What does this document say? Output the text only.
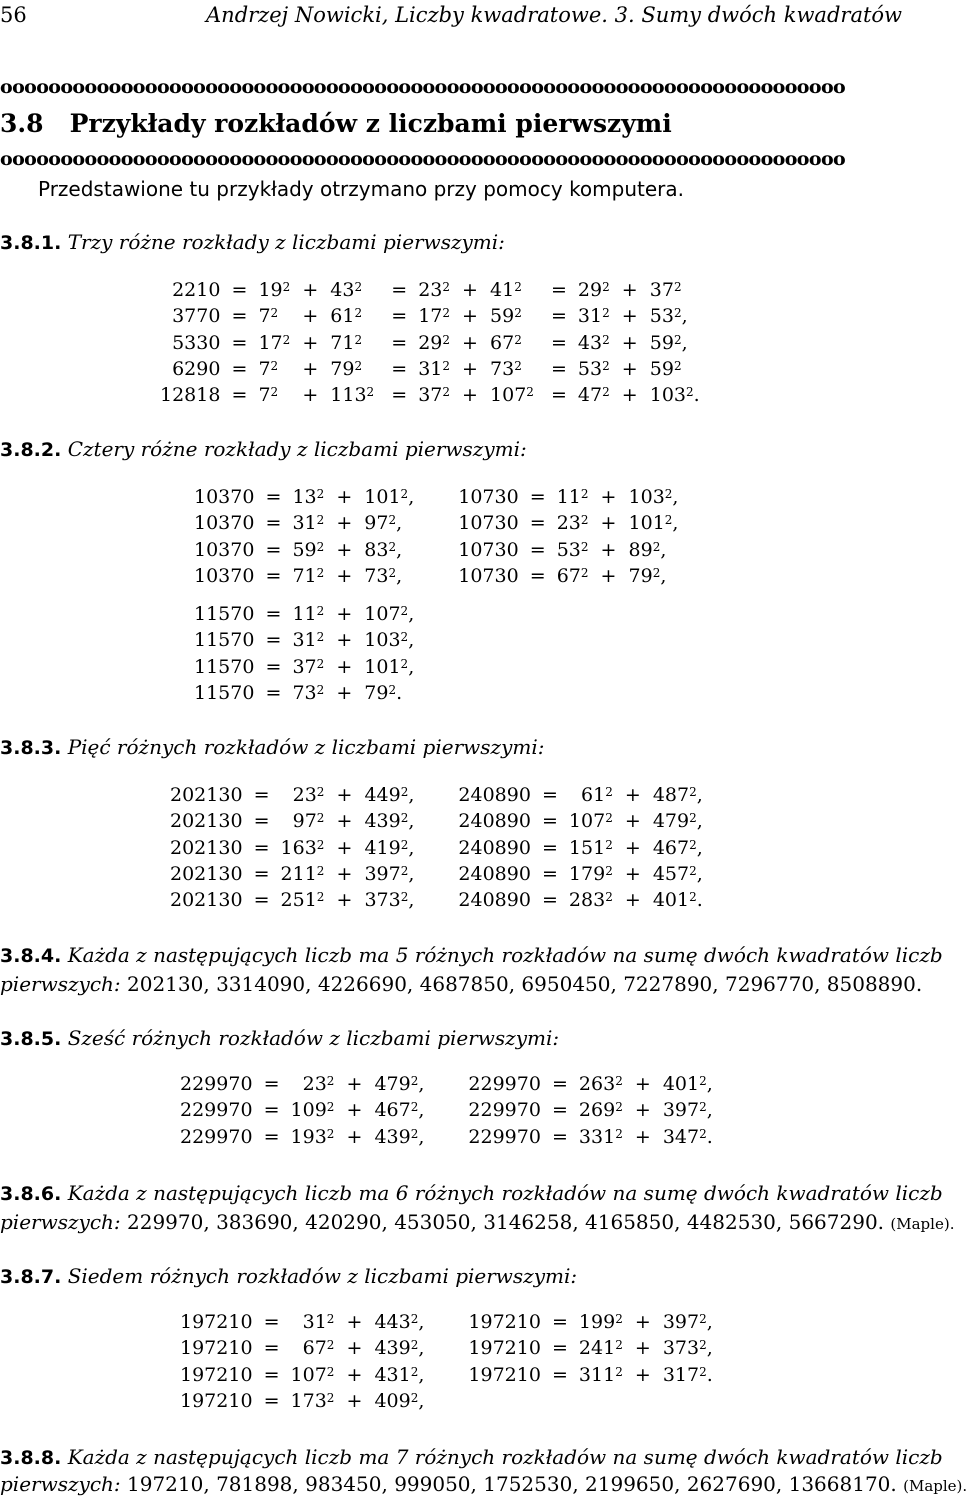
56	Andrzej Nowicki, Liczby kwadratowe. 3. Sumy dwóch kwadratów
oooooooooooooooooooooooooooooooooooooooooooooooooooooooooooooooooooooo
3.8 Przykłady rozkładów z liczbami pierwszymi
oooooooooooooooooooooooooooooooooooooooooooooooooooooooooooooooooooooo
Przedstawione tu przykłady otrzymano przy pomocy komputera.
3.8.1. Trzy różne rozkłady z liczbami pierwszymi:
2210	=	$19^2$	+	$43^2$		=	$23^2$	+	$41^2$		=	$29^2$	+	$37^2$
3770	=	$7^2$	+	$61^2$		=	$17^2$	+	$59^2$		=	$31^2$	+	$53^2$,
5330	=	$17^2$	+	$71^2$		=	$29^2$	+	$67^2$		=	$43^2$	+	$59^2$,
6290	=	$7^2$	+	$79^2$		=	$31^2$	+	$73^2$		=	$53^2$	+	$59^2$
12818	=	$7^2$	+	$113^2$		=	$37^2$	+	$107^2$		=	$47^2$	+	$103^2$.
3.8.2. Cztery różne rozkłady z liczbami pierwszymi:
10370	=	$13^2$	+	$101^2$,		10730	=	$11^2$	+	$103^2$,
10370	=	$31^2$	+	$97^2$,		10730	=	$23^2$	+	$101^2$,
10370	=	$59^2$	+	$83^2$,		10730	=	$53^2$	+	$89^2$,
10370	=	$71^2$	+	$73^2$,		10730	=	$67^2$	+	$79^2$,

11570	=	$11^2$	+	$107^2$,						
11570	=	$31^2$	+	$103^2$,						
11570	=	$37^2$	+	$101^2$,						
11570	=	$73^2$	+	$79^2$.						
3.8.3. Pięć różnych rozkładów z liczbami pierwszymi:
202130	=	$23^2$	+	$449^2$,		240890	=	$61^2$	+	$487^2$,
202130	=	$97^2$	+	$439^2$,		240890	=	$107^2$	+	$479^2$,
202130	=	$163^2$	+	$419^2$,		240890	=	$151^2$	+	$467^2$,
202130	=	$211^2$	+	$397^2$,		240890	=	$179^2$	+	$457^2$,
202130	=	$251^2$	+	$373^2$,		240890	=	$283^2$	+	$401^2$.
3.8.4. Każda z następujących liczb ma 5 różnych rozkładów na sumę dwóch kwadratów liczb
pierwszych: 202130, 3314090, 4226690, 4687850, 6950450, 7227890, 7296770, 8508890.
3.8.5. Sześć różnych rozkładów z liczbami pierwszymi:
229970	=	$23^2$	+	$479^2$,		229970	=	$263^2$	+	$401^2$,
229970	=	$109^2$	+	$467^2$,		229970	=	$269^2$	+	$397^2$,
229970	=	$193^2$	+	$439^2$,		229970	=	$331^2$	+	$347^2$.
3.8.6. Każda z następujących liczb ma 6 różnych rozkładów na sumę dwóch kwadratów liczb
pierwszych: 229970, 383690, 420290, 453050, 3146258, 4165850, 4482530, 5667290. (Maple).
3.8.7. Siedem różnych rozkładów z liczbami pierwszymi:
197210	=	$31^2$	+	$443^2$,		197210	=	$199^2$	+	$397^2$,
197210	=	$67^2$	+	$439^2$,		197210	=	$241^2$	+	$373^2$,
197210	=	$107^2$	+	$431^2$,		197210	=	$311^2$	+	$317^2$.
197210	=	$173^2$	+	$409^2$,						
3.8.8. Każda z następujących liczb ma 7 różnych rozkładów na sumę dwóch kwadratów liczb
pierwszych: 197210, 781898, 983450, 999050, 1752530, 2199650, 2627690, 13668170. (Maple).
